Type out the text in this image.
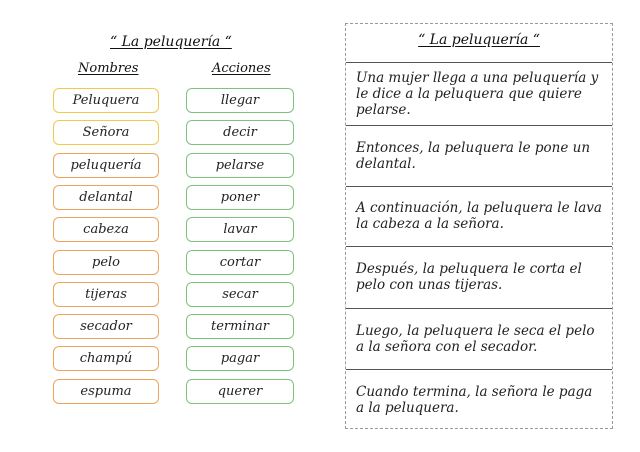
“ La peluquería “
Nombres	Acciones
Peluquera
Señora
peluquería
delantal
cabeza
pelo
tijeras
secador
champú
espuma
llegar
decir
pelarse
poner
lavar
cortar
secar
terminar
pagar
querer
“ La peluquería “
Una mujer llega a una peluquería y le dice a la peluquera que quiere pelarse.
Entonces, la peluquera le pone un delantal.
A continuación, la peluquera le lava la cabeza a la señora.
Después, la peluquera le corta el pelo con unas tijeras.
Luego, la peluquera le seca el pelo a la señora con el secador.
Cuando termina, la señora le paga a la peluquera.
